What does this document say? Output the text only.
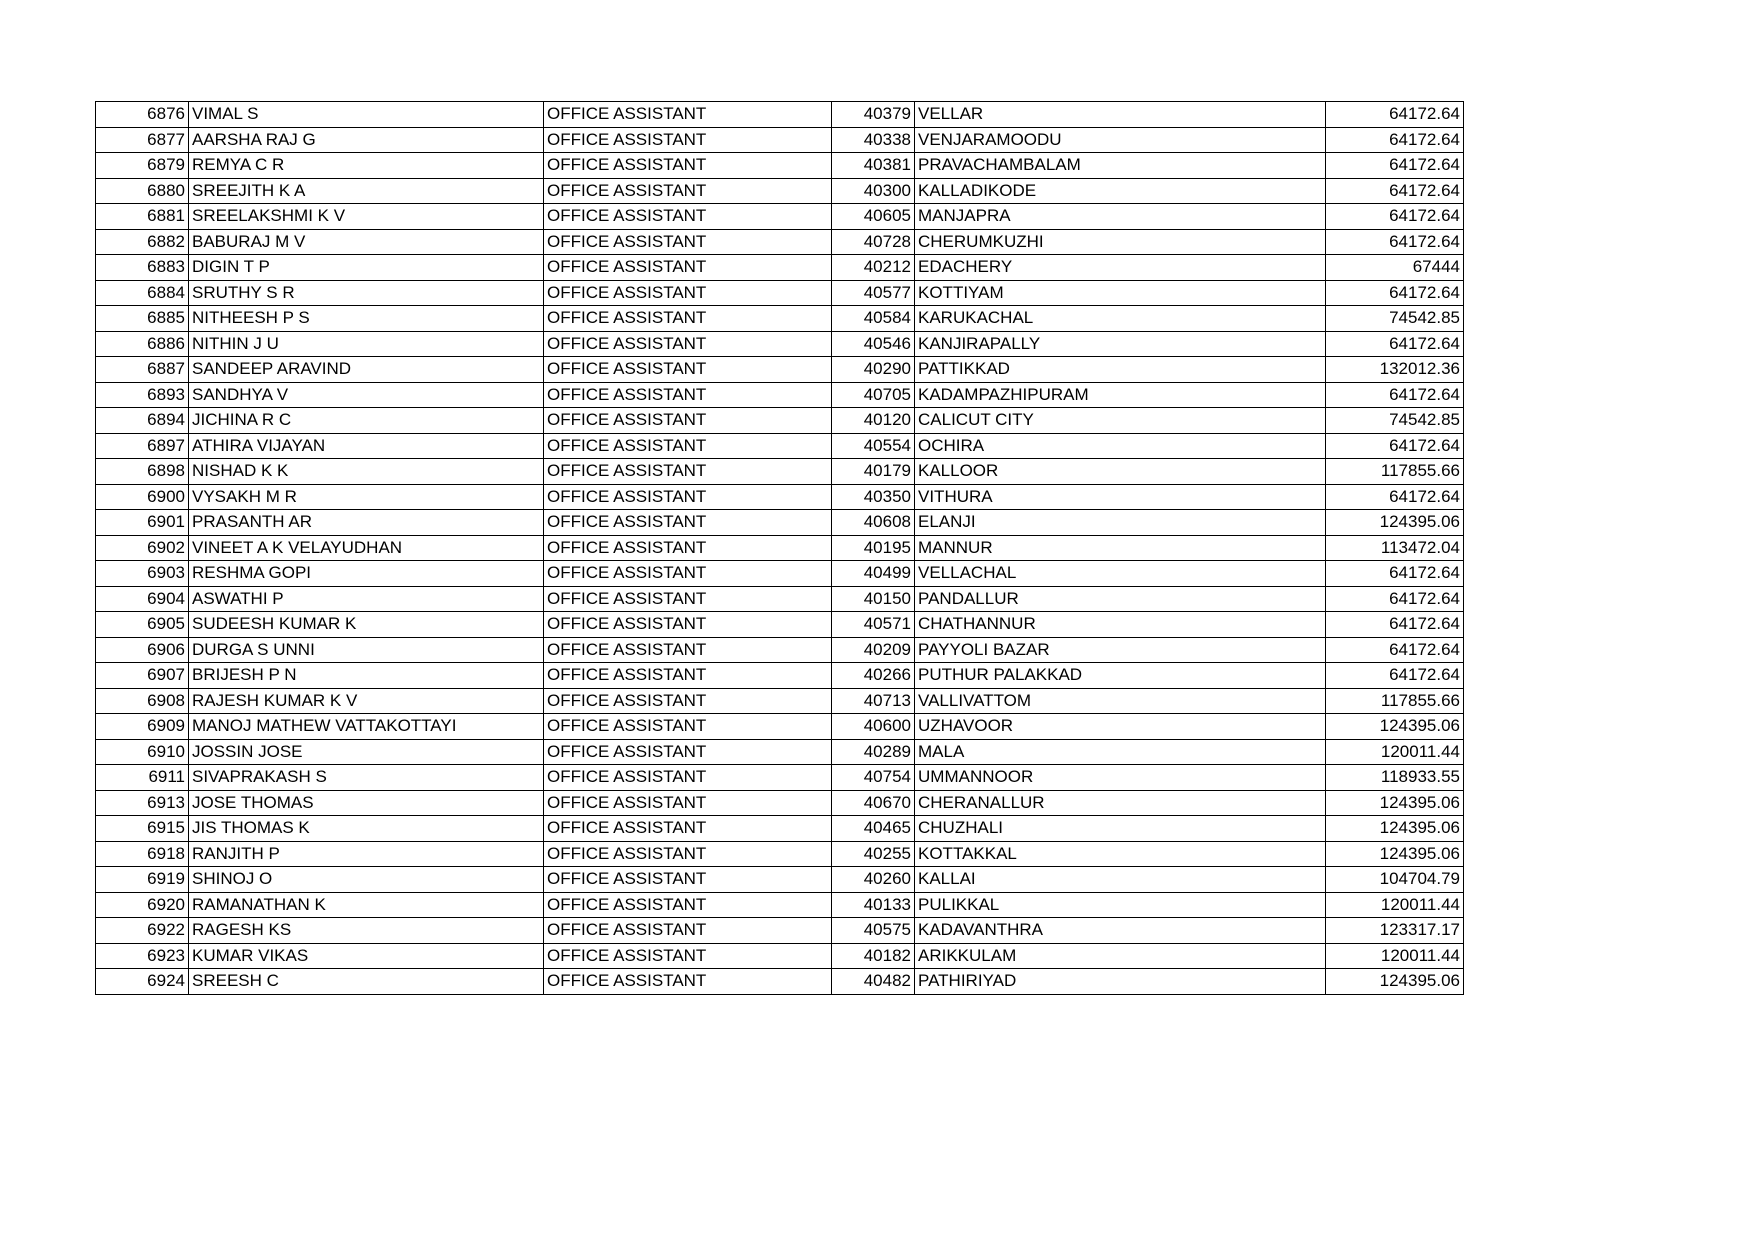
6876	VIMAL S	OFFICE ASSISTANT	40379	VELLAR	64172.64
6877	AARSHA RAJ G	OFFICE ASSISTANT	40338	VENJARAMOODU	64172.64
6879	REMYA C R	OFFICE ASSISTANT	40381	PRAVACHAMBALAM	64172.64
6880	SREEJITH K A	OFFICE ASSISTANT	40300	KALLADIKODE	64172.64
6881	SREELAKSHMI K V	OFFICE ASSISTANT	40605	MANJAPRA	64172.64
6882	BABURAJ M V	OFFICE ASSISTANT	40728	CHERUMKUZHI	64172.64
6883	DIGIN T P	OFFICE ASSISTANT	40212	EDACHERY	67444
6884	SRUTHY S R	OFFICE ASSISTANT	40577	KOTTIYAM	64172.64
6885	NITHEESH P S	OFFICE ASSISTANT	40584	KARUKACHAL	74542.85
6886	NITHIN J U	OFFICE ASSISTANT	40546	KANJIRAPALLY	64172.64
6887	SANDEEP ARAVIND	OFFICE ASSISTANT	40290	PATTIKKAD	132012.36
6893	SANDHYA V	OFFICE ASSISTANT	40705	KADAMPAZHIPURAM	64172.64
6894	JICHINA R C	OFFICE ASSISTANT	40120	CALICUT CITY	74542.85
6897	ATHIRA VIJAYAN	OFFICE ASSISTANT	40554	OCHIRA	64172.64
6898	NISHAD K K	OFFICE ASSISTANT	40179	KALLOOR	117855.66
6900	VYSAKH M R	OFFICE ASSISTANT	40350	VITHURA	64172.64
6901	PRASANTH AR	OFFICE ASSISTANT	40608	ELANJI	124395.06
6902	VINEET A K VELAYUDHAN	OFFICE ASSISTANT	40195	MANNUR	113472.04
6903	RESHMA GOPI	OFFICE ASSISTANT	40499	VELLACHAL	64172.64
6904	ASWATHI P	OFFICE ASSISTANT	40150	PANDALLUR	64172.64
6905	SUDEESH KUMAR K	OFFICE ASSISTANT	40571	CHATHANNUR	64172.64
6906	DURGA S UNNI	OFFICE ASSISTANT	40209	PAYYOLI BAZAR	64172.64
6907	BRIJESH P N	OFFICE ASSISTANT	40266	PUTHUR PALAKKAD	64172.64
6908	RAJESH KUMAR K V	OFFICE ASSISTANT	40713	VALLIVATTOM	117855.66
6909	MANOJ MATHEW VATTAKOTTAYI	OFFICE ASSISTANT	40600	UZHAVOOR	124395.06
6910	JOSSIN JOSE	OFFICE ASSISTANT	40289	MALA	120011.44
6911	SIVAPRAKASH S	OFFICE ASSISTANT	40754	UMMANNOOR	118933.55
6913	JOSE THOMAS	OFFICE ASSISTANT	40670	CHERANALLUR	124395.06
6915	JIS THOMAS K	OFFICE ASSISTANT	40465	CHUZHALI	124395.06
6918	RANJITH P	OFFICE ASSISTANT	40255	KOTTAKKAL	124395.06
6919	SHINOJ O	OFFICE ASSISTANT	40260	KALLAI	104704.79
6920	RAMANATHAN K	OFFICE ASSISTANT	40133	PULIKKAL	120011.44
6922	RAGESH KS	OFFICE ASSISTANT	40575	KADAVANTHRA	123317.17
6923	KUMAR VIKAS	OFFICE ASSISTANT	40182	ARIKKULAM	120011.44
6924	SREESH C	OFFICE ASSISTANT	40482	PATHIRIYAD	124395.06
